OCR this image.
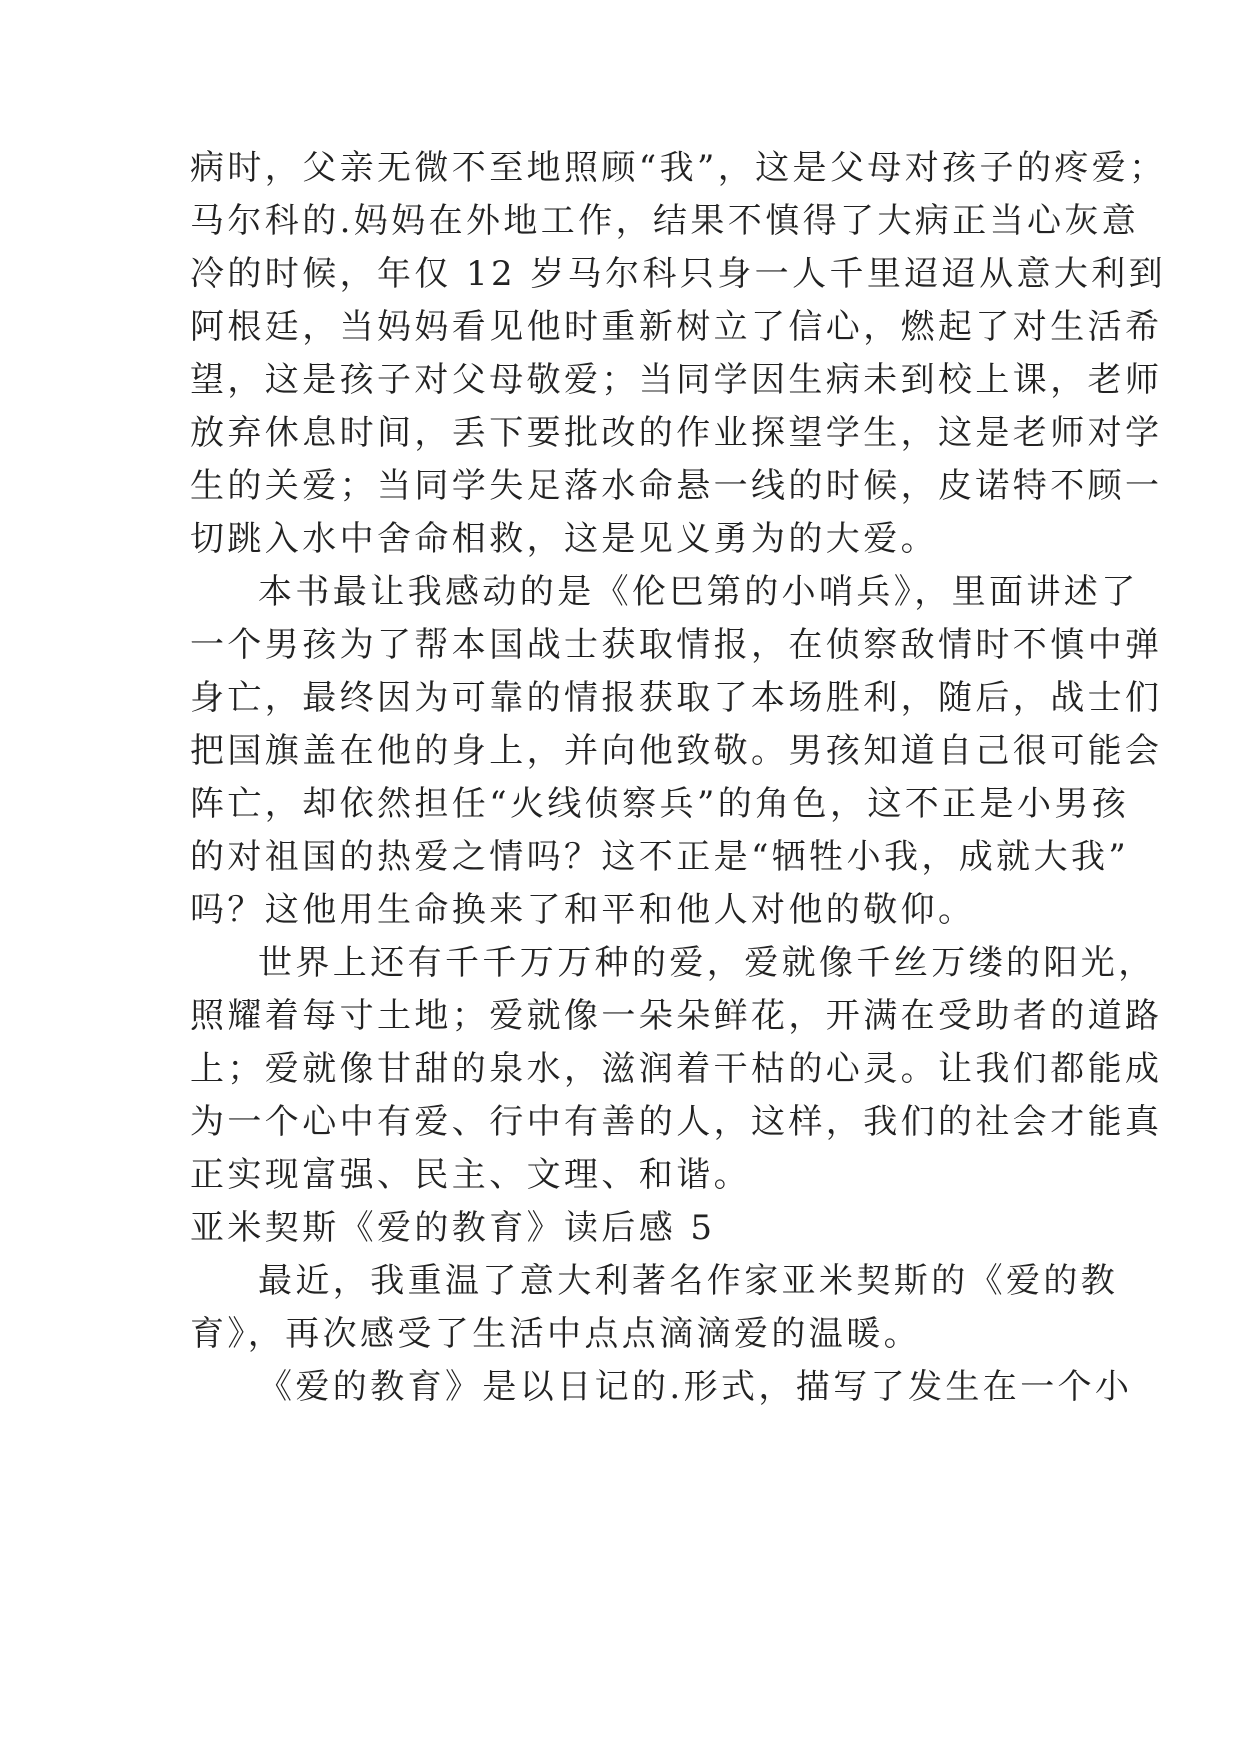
病时，父亲无微不至地照顾“我”，这是父母对孩子的疼爱；
马尔科的.妈妈在外地工作，结果不慎得了大病正当心灰意
冷的时候，年仅 12 岁马尔科只身一人千里迢迢从意大利到
阿根廷，当妈妈看见他时重新树立了信心，燃起了对生活希
望，这是孩子对父母敬爱；当同学因生病未到校上课，老师
放弃休息时间，丢下要批改的作业探望学生，这是老师对学
生的关爱；当同学失足落水命悬一线的时候，皮诺特不顾一
切跳入水中舍命相救，这是见义勇为的大爱。
本书最让我感动的是《伦巴第的小哨兵》，里面讲述了
一个男孩为了帮本国战士获取情报，在侦察敌情时不慎中弹
身亡，最终因为可靠的情报获取了本场胜利，随后，战士们
把国旗盖在他的身上，并向他致敬。男孩知道自己很可能会
阵亡，却依然担任“火线侦察兵”的角色，这不正是小男孩
的对祖国的热爱之情吗？这不正是“牺牲小我，成就大我”
吗？这他用生命换来了和平和他人对他的敬仰。
世界上还有千千万万种的爱，爱就像千丝万缕的阳光，
照耀着每寸土地；爱就像一朵朵鲜花，开满在受助者的道路
上；爱就像甘甜的泉水，滋润着干枯的心灵。让我们都能成
为一个心中有爱、行中有善的人，这样，我们的社会才能真
正实现富强、民主、文理、和谐。
亚米契斯《爱的教育》读后感 5
最近，我重温了意大利著名作家亚米契斯的《爱的教
育》，再次感受了生活中点点滴滴爱的温暖。
《爱的教育》是以日记的.形式，描写了发生在一个小
